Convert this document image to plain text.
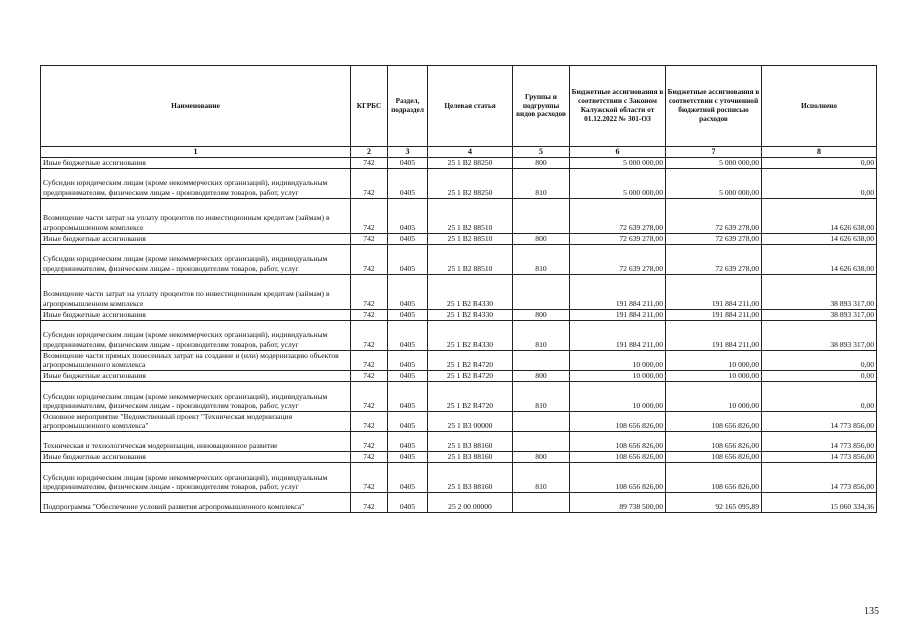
Наименование	КГРБС	Раздел, подраздел	Целевая статья	Группы и подгруппы видов расходов	Бюджетные ассигнования в соответствии с Законом Калужской области от 01.12.2022 № 301-ОЗ	Бюджетные ассигнования в соответствии с уточненной бюджетной росписью расходов	Исполнено
1	2	3	4	5	6	7	8
Иные бюджетные ассигнования	742	0405	25 1 B2 88250	800	5 000 000,00	5 000 000,00	0,00
Субсидии юридическим лицам (кроме некоммерческих организаций), индивидуальным предпринимателям, физическим лицам - производителям товаров, работ, услуг	742	0405	25 1 B2 88250	810	5 000 000,00	5 000 000,00	0,00
Возмещение части затрат на уплату процентов по инвестиционным кредитам (займам) в агропромышленном комплексе	742	0405	25 1 B2 88510		72 639 278,00	72 639 278,00	14 626 638,00
Иные бюджетные ассигнования	742	0405	25 1 B2 88510	800	72 639 278,00	72 639 278,00	14 626 638,00
Субсидии юридическим лицам (кроме некоммерческих организаций), индивидуальным предпринимателям, физическим лицам - производителям товаров, работ, услуг	742	0405	25 1 B2 88510	810	72 639 278,00	72 639 278,00	14 626 638,00
Возмещение части затрат на уплату процентов по инвестиционным кредитам (займам) в агропромышленном комплексе	742	0405	25 1 B2 R4330		191 884 211,00	191 884 211,00	38 893 317,00
Иные бюджетные ассигнования	742	0405	25 1 B2 R4330	800	191 884 211,00	191 884 211,00	38 893 317,00
Субсидии юридическим лицам (кроме некоммерческих организаций), индивидуальным предпринимателям, физическим лицам - производителям товаров, работ, услуг	742	0405	25 1 B2 R4330	810	191 884 211,00	191 884 211,00	38 893 317,00
Возмещение части прямых понесенных затрат на создание и (или) модернизацию объектов агропромышленного комплекса	742	0405	25 1 B2 R4720		10 000,00	10 000,00	0,00
Иные бюджетные ассигнования	742	0405	25 1 B2 R4720	800	10 000,00	10 000,00	0,00
Субсидии юридическим лицам (кроме некоммерческих организаций), индивидуальным предпринимателям, физическим лицам - производителям товаров, работ, услуг	742	0405	25 1 B2 R4720	810	10 000,00	10 000,00	0,00
Основное мероприятие "Ведомственный проект "Техническая модернизация агропромышленного комплекса"	742	0405	25 1 B3 00000		108 656 826,00	108 656 826,00	14 773 856,00
Техническая и технологическая модернизация, инновационное развитие	742	0405	25 1 B3 88160		108 656 826,00	108 656 826,00	14 773 856,00
Иные бюджетные ассигнования	742	0405	25 1 B3 88160	800	108 656 826,00	108 656 826,00	14 773 856,00
Субсидии юридическим лицам (кроме некоммерческих организаций), индивидуальным предпринимателям, физическим лицам - производителям товаров, работ, услуг	742	0405	25 1 B3 88160	810	108 656 826,00	108 656 826,00	14 773 856,00
Подпрограмма "Обеспечение условий развития агропромышленного комплекса"	742	0405	25 2 00 00000		89 738 500,00	92 165 095,89	15 060 334,36
135
